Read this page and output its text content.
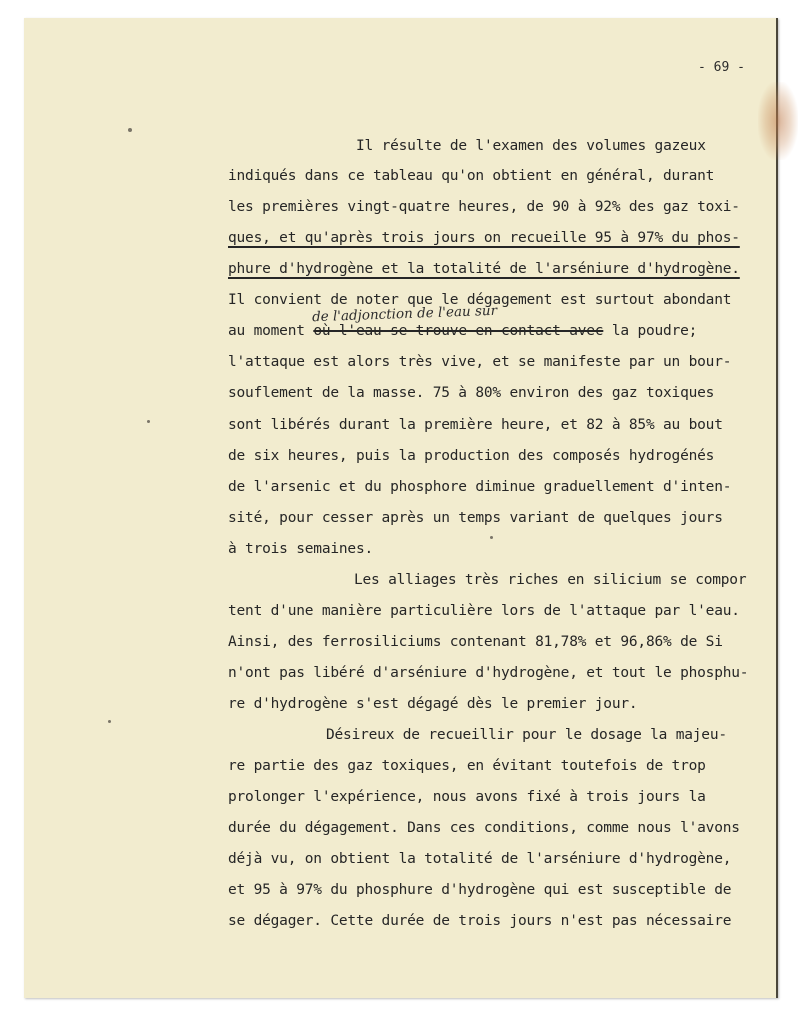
- 69 -
Il résulte de l'examen des volumes gazeux
indiqués dans ce tableau qu'on obtient en général, durant
les premières vingt-quatre heures, de 90 à 92% des gaz toxi-
ques, et qu'après trois jours on recueille 95 à 97% du phos-
phure d'hydrogène et la totalité de l'arséniure d'hydrogène.
Il convient de noter que le dégagement est surtout abondant
de l'adjonction de l'eau sur
au moment où l'eau se trouve en contact avec la poudre;
l'attaque est alors très vive, et se manifeste par un bour-
souflement de la masse. 75 à 80% environ des gaz toxiques
sont libérés durant la première heure, et 82 à 85% au bout
de six heures, puis la production des composés hydrogénés
de l'arsenic et du phosphore diminue graduellement d'inten-
sité, pour cesser après un temps variant de quelques jours
à trois semaines.
Les alliages très riches en silicium se compor
tent d'une manière particulière lors de l'attaque par l'eau.
Ainsi, des ferrosiliciums contenant 81,78% et 96,86% de Si
n'ont pas libéré d'arséniure d'hydrogène, et tout le phosphu-
re d'hydrogène s'est dégagé dès le premier jour.
Désireux de recueillir pour le dosage la majeu-
re partie des gaz toxiques, en évitant toutefois de trop
prolonger l'expérience, nous avons fixé à trois jours la
durée du dégagement. Dans ces conditions, comme nous l'avons
déjà vu, on obtient la totalité de l'arséniure d'hydrogène,
et 95 à 97% du phosphure d'hydrogène qui est susceptible de
se dégager. Cette durée de trois jours n'est pas nécessaire
